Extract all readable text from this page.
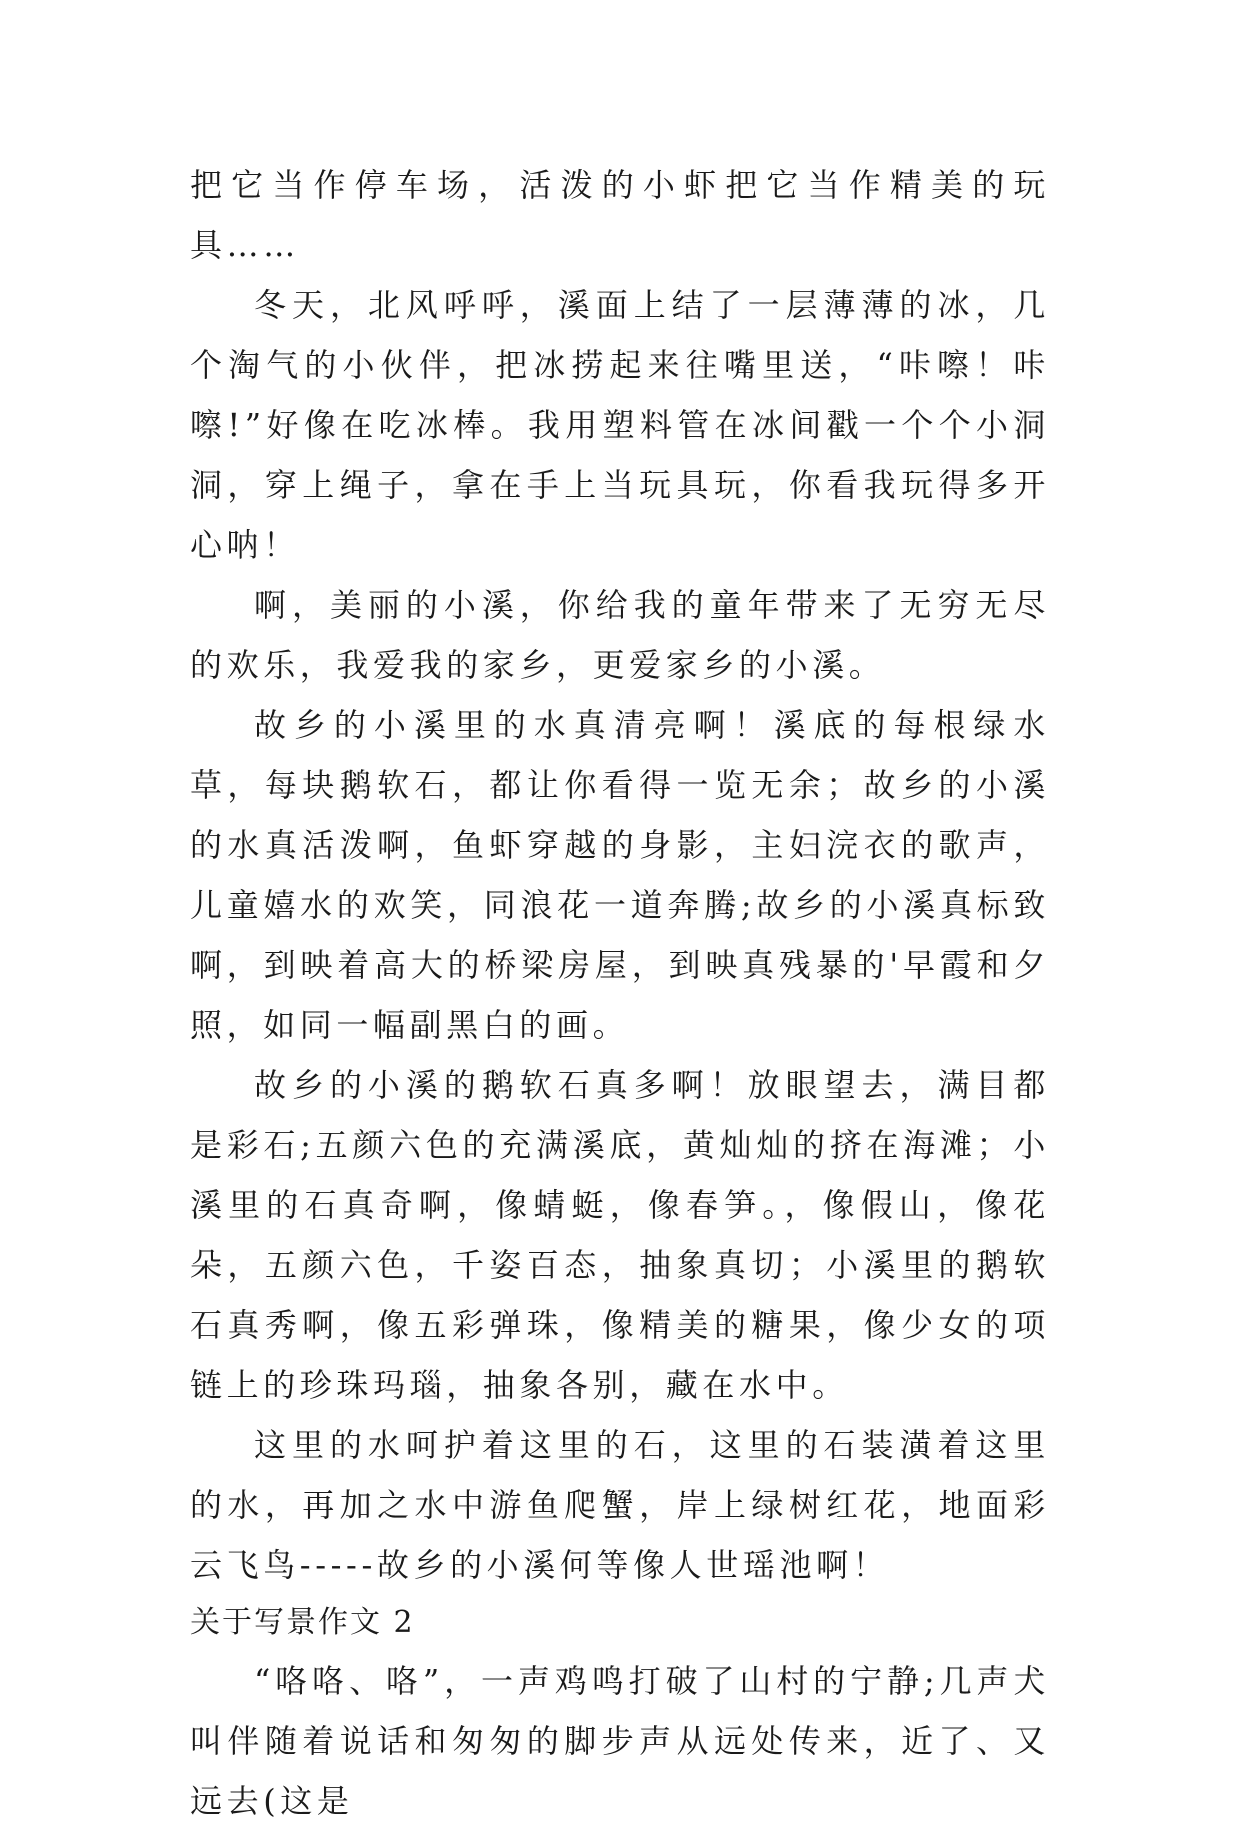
把它当作停车场，活泼的小虾把它当作精美的玩具……

冬天，北风呼呼，溪面上结了一层薄薄的冰，几个淘气的小伙伴，把冰捞起来往嘴里送，“咔嚓！咔嚓!”好像在吃冰棒。我用塑料管在冰间戳一个个小洞洞，穿上绳子，拿在手上当玩具玩，你看我玩得多开心呐！

啊，美丽的小溪，你给我的童年带来了无穷无尽的欢乐，我爱我的家乡，更爱家乡的小溪。

故乡的小溪里的水真清亮啊！溪底的每根绿水草，每块鹅软石，都让你看得一览无余；故乡的小溪的水真活泼啊，鱼虾穿越的身影，主妇浣衣的歌声，儿童嬉水的欢笑，同浪花一道奔腾;故乡的小溪真标致啊，到映着高大的桥梁房屋，到映真残暴的'早霞和夕照，如同一幅副黑白的画。

故乡的小溪的鹅软石真多啊！放眼望去，满目都是彩石;五颜六色的充满溪底，黄灿灿的挤在海滩；小溪里的石真奇啊，像蜻蜓，像春笋。，像假山，像花朵，五颜六色，千姿百态，抽象真切；小溪里的鹅软石真秀啊，像五彩弹珠，像精美的糖果，像少女的项链上的珍珠玛瑙，抽象各别，藏在水中。

这里的水呵护着这里的石，这里的石装潢着这里的水，再加之水中游鱼爬蟹，岸上绿树红花，地面彩云飞鸟-----故乡的小溪何等像人世瑶池啊！

关于写景作文 2

“咯咯、咯”，一声鸡鸣打破了山村的宁静;几声犬叫伴随着说话和匆匆的脚步声从远处传来，近了、又远去(这是
